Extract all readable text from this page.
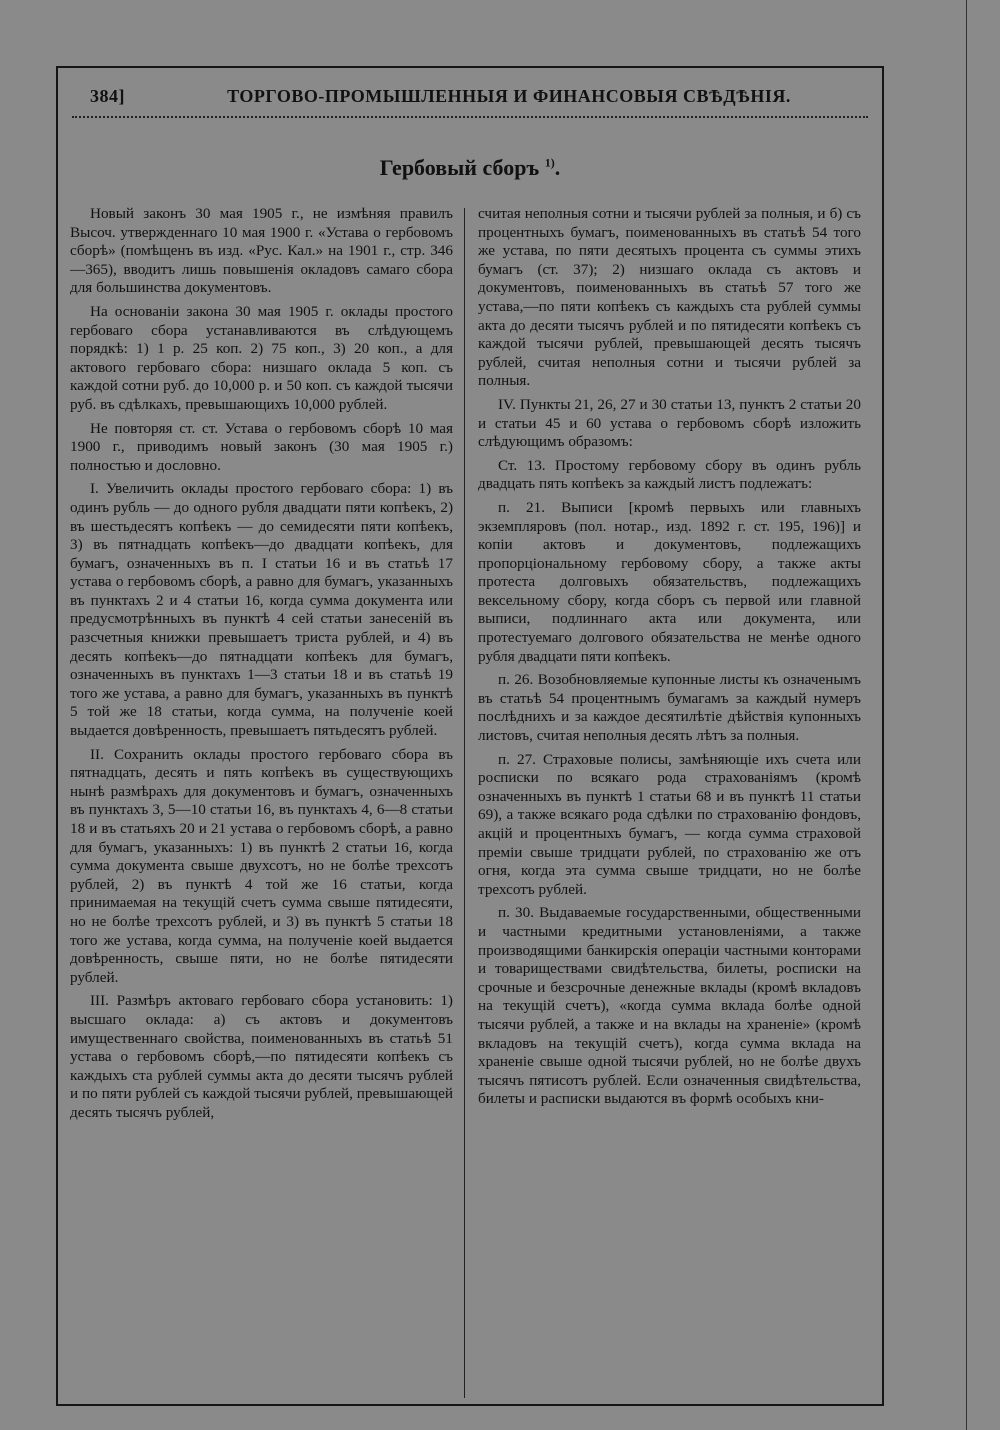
384]	ТОРГОВО-ПРОМЫШЛЕННЫЯ И ФИНАНСОВЫЯ СВѢДѢНІЯ.
Гербовый сборъ $^{1)}$.

Новый законъ 30 мая 1905 г., не измѣняя правилъ Высоч. утвержденнаго 10 мая 1900 г. «Устава о гербовомъ сборѣ» (помѣщенъ въ изд. «Рус. Кал.» на 1901 г., стр. 346—365), вводитъ лишь повышенія окладовъ самаго сбора для большинства документовъ.

На основаніи закона 30 мая 1905 г. оклады простого гербоваго сбора устанавливаются въ слѣдующемъ порядкѣ: 1) 1 р. 25 коп. 2) 75 коп., 3) 20 коп., а для актового гербоваго сбора: низшаго оклада 5 коп. съ каждой сотни руб. до 10,000 р. и 50 коп. съ каждой тысячи руб. въ сдѣлкахъ, превышающихъ 10,000 рублей.

Не повторяя ст. ст. Устава о гербовомъ сборѣ 10 мая 1900 г., приводимъ новый законъ (30 мая 1905 г.) полностью и дословно.

I. Увеличить оклады простого гербоваго сбора: 1) въ одинъ рубль — до одного рубля двадцати пяти копѣекъ, 2) въ шестьдесятъ копѣекъ — до семидесяти пяти копѣекъ, 3) въ пятнадцать копѣекъ—до двадцати копѣекъ, для бумагъ, означенныхъ въ п. I статьи 16 и въ статьѣ 17 устава о гербовомъ сборѣ, а равно для бумагъ, указанныхъ въ пунктахъ 2 и 4 статьи 16, когда сумма документа или предусмотрѣнныхъ въ пунктѣ 4 сей статьи занесеній въ разсчетныя книжки превышаетъ триста рублей, и 4) въ десять копѣекъ—до пятнадцати копѣекъ для бумагъ, означенныхъ въ пунктахъ 1—3 статьи 18 и въ статьѣ 19 того же устава, а равно для бумагъ, указанныхъ въ пунктѣ 5 той же 18 статьи, когда сумма, на полученіе коей выдается довѣренность, превышаетъ пятьдесятъ рублей.

II. Сохранить оклады простого гербоваго сбора въ пятнадцать, десять и пять копѣекъ въ существующихъ нынѣ размѣрахъ для документовъ и бумагъ, означенныхъ въ пунктахъ 3, 5—10 статьи 16, въ пунктахъ 4, 6—8 статьи 18 и въ статьяхъ 20 и 21 устава о гербовомъ сборѣ, а равно для бумагъ, указанныхъ: 1) въ пунктѣ 2 статьи 16, когда сумма документа свыше двухсотъ, но не болѣе трехсотъ рублей, 2) въ пунктѣ 4 той же 16 статьи, когда принимаемая на текущій счетъ сумма свыше пятидесяти, но не болѣе трехсотъ рублей, и 3) въ пунктѣ 5 статьи 18 того же устава, когда сумма, на полученіе коей выдается довѣренность, свыше пяти, но не болѣе пятидесяти рублей.

III. Размѣръ актоваго гербоваго сбора установить: 1) высшаго оклада: а) съ актовъ и документовъ имущественнаго свойства, поименованныхъ въ статьѣ 51 устава о гербовомъ сборѣ,—по пятидесяти копѣекъ съ каждыхъ ста рублей суммы акта до десяти тысячъ рублей и по пяти рублей съ каждой тысячи рублей, превышающей десять тысячъ рублей,

считая неполныя сотни и тысячи рублей за полныя, и б) съ процентныхъ бумагъ, поименованныхъ въ статьѣ 54 того же устава, по пяти десятыхъ процента съ суммы этихъ бумагъ (ст. 37); 2) низшаго оклада съ актовъ и документовъ, поименованныхъ въ статьѣ 57 того же устава,—по пяти копѣекъ съ каждыхъ ста рублей суммы акта до десяти тысячъ рублей и по пятидесяти копѣекъ съ каждой тысячи рублей, превышающей десять тысячъ рублей, считая неполныя сотни и тысячи рублей за полныя.

IV. Пункты 21, 26, 27 и 30 статьи 13, пунктъ 2 статьи 20 и статьи 45 и 60 устава о гербовомъ сборѣ изложить слѣдующимъ образомъ:

Ст. 13. Простому гербовому сбору въ одинъ рубль двадцать пять копѣекъ за каждый листъ подлежатъ:

п. 21. Выписи [кромѣ первыхъ или главныхъ экземпляровъ (пол. нотар., изд. 1892 г. ст. 195, 196)] и копіи актовъ и документовъ, подлежащихъ пропорціональному гербовому сбору, а также акты протеста долговыхъ обязательствъ, подлежащихъ вексельному сбору, когда сборъ съ первой или главной выписи, подлиннаго акта или документа, или протестуемаго долгового обязательства не менѣе одного рубля двадцати пяти копѣекъ.

п. 26. Возобновляемые купонные листы къ означенымъ въ статьѣ 54 процентнымъ бумагамъ за каждый нумеръ послѣднихъ и за каждое десятилѣтіе дѣйствія купонныхъ листовъ, считая неполныя десять лѣтъ за полныя.

п. 27. Страховые полисы, замѣняющіе ихъ счета или росписки по всякаго рода страхованіямъ (кромѣ означенныхъ въ пунктѣ 1 статьи 68 и въ пунктѣ 11 статьи 69), а также всякаго рода сдѣлки по страхованію фондовъ, акцій и процентныхъ бумагъ, — когда сумма страховой преміи свыше тридцати рублей, по страхованію же отъ огня, когда эта сумма свыше тридцати, но не болѣе трехсотъ рублей.

п. 30. Выдаваемые государственными, общественными и частными кредитными установленіями, а также производящими банкирскія операціи частными конторами и товариществами свидѣтельства, билеты, росписки на срочные и безсрочные денежные вклады (кромѣ вкладовъ на текущій счетъ), «когда сумма вклада болѣе одной тысячи рублей, а также и на вклады на храненіе» (кромѣ вкладовъ на текущій счетъ), когда сумма вклада на храненіе свыше одной тысячи рублей, но не болѣе двухъ тысячъ пятисотъ рублей. Если означенныя свидѣтельства, билеты и расписки выдаются въ формѣ особыхъ кни-
